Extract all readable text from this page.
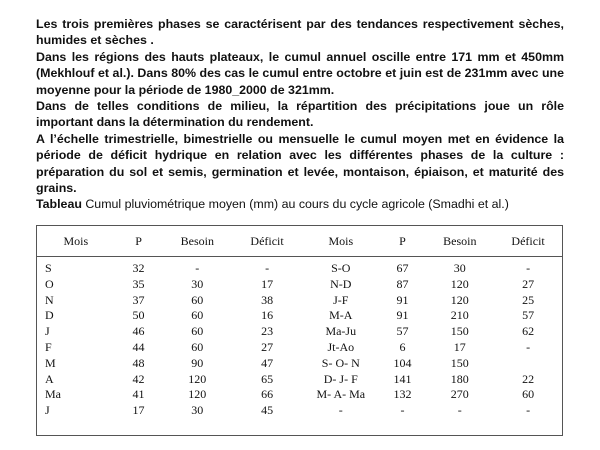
Les trois premières phases se caractérisent par des tendances respectivement sèches, humides et sèches .

Dans les régions des hauts plateaux, le cumul annuel oscille entre 171 mm et 450mm (Mekhlouf et al.). Dans 80% des cas le cumul entre octobre et juin est de 231mm avec une moyenne pour la période de 1980_2000 de 321mm.

Dans de telles conditions de milieu, la répartition des précipitations joue un rôle important dans la détermination du rendement.

A l’échelle trimestrielle, bimestrielle ou mensuelle le cumul moyen met en évidence la période de déficit hydrique en relation avec les différentes phases de la culture : préparation du sol et semis, germination et levée, montaison, épiaison, et maturité des grains.

Tableau Cumul pluviométrique moyen (mm) au cours du cycle agricole (Smadhi et al.)
Mois	P	Besoin	Déficit	Mois	P	Besoin	Déficit
S	32	-	-	S-O	67	30	-
O	35	30	17	N-D	87	120	27
N	37	60	38	J-F	91	120	25
D	50	60	16	M-A	91	210	57
J	46	60	23	Ma-Ju	57	150	62
F	44	60	27	Jt-Ao	6	17	-
M	48	90	47	S- O- N	104	150	
A	42	120	65	D- J- F	141	180	22
Ma	41	120	66	M- A- Ma	132	270	60
J	17	30	45	-	-	-	-
